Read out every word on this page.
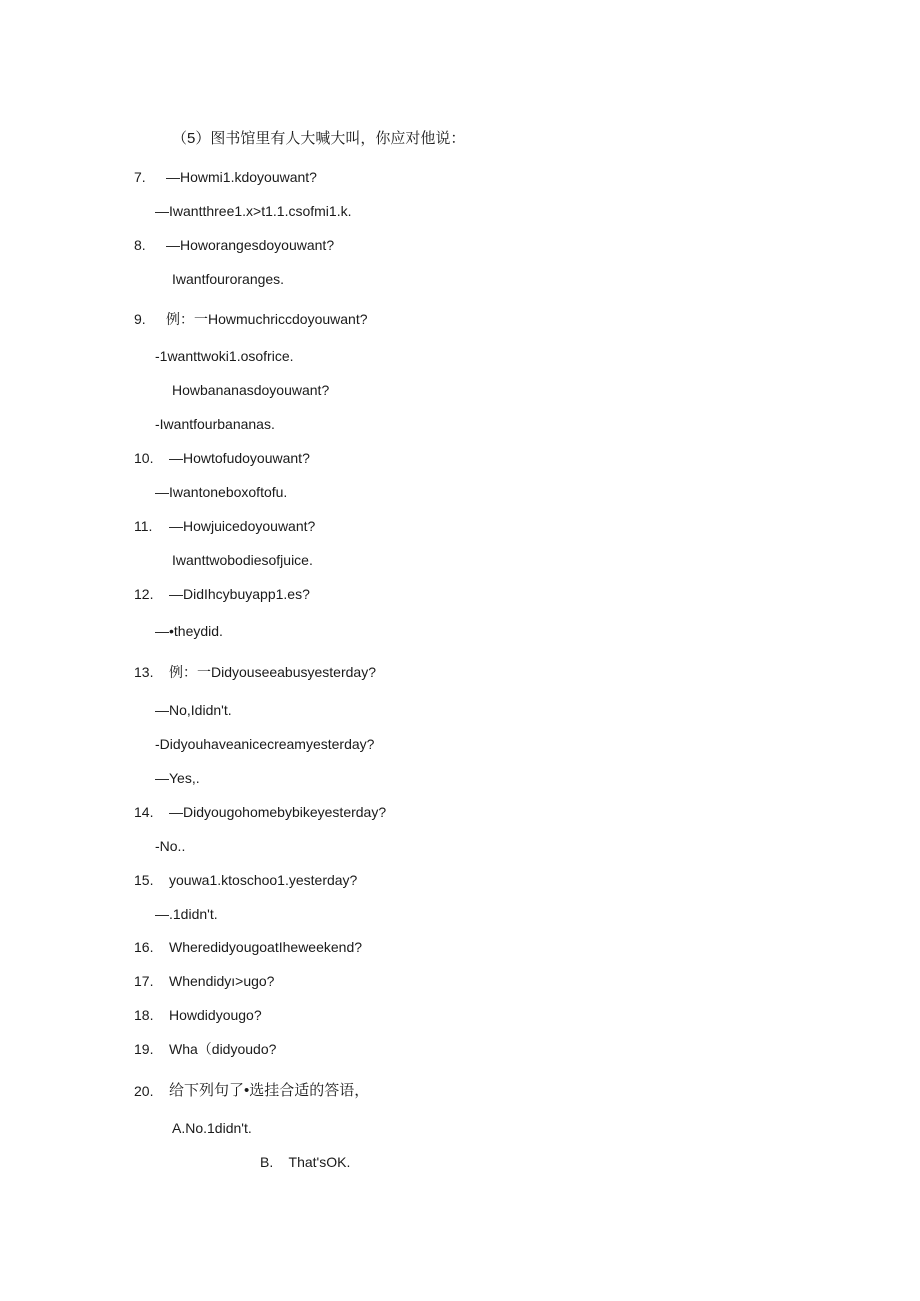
（5）图书馆里有人大喊大叫，你应对他说：
7. —Howmi1.kdoyouwant?
—Iwantthree1.x>t1.1.csofmi1.k.
8. —Howorangesdoyouwant?
Iwantfouroranges.
9. 例：一Howmuchriccdoyouwant?
-1wanttwoki1.osofrice.
Howbananasdoyouwant?
-Iwantfourbananas.
10. —Howtofudoyouwant?
—Iwantoneboxoftofu.
11. —Howjuicedoyouwant?
Iwanttwobodiesofjuice.
12. —DidIhcybuyapp1.es?
—•theydid.
13. 例：一Didyouseeabusyesterday?
—No,Ididn't.
-Didyouhaveanicecreamyesterday?
—Yes,.
14. —Didyougohomebybikeyesterday?
-No..
15. youwa1.ktoschoo1.yesterday?
—.1didn't.
16. WheredidyougoatIheweekend?
17. Whendidyı>ugo?
18. Howdidyougo?
19. Wha（didyoudo?
20. 给下列句了•选挂合适的答语，
A.No.1didn't.
B.    That'sOK.
